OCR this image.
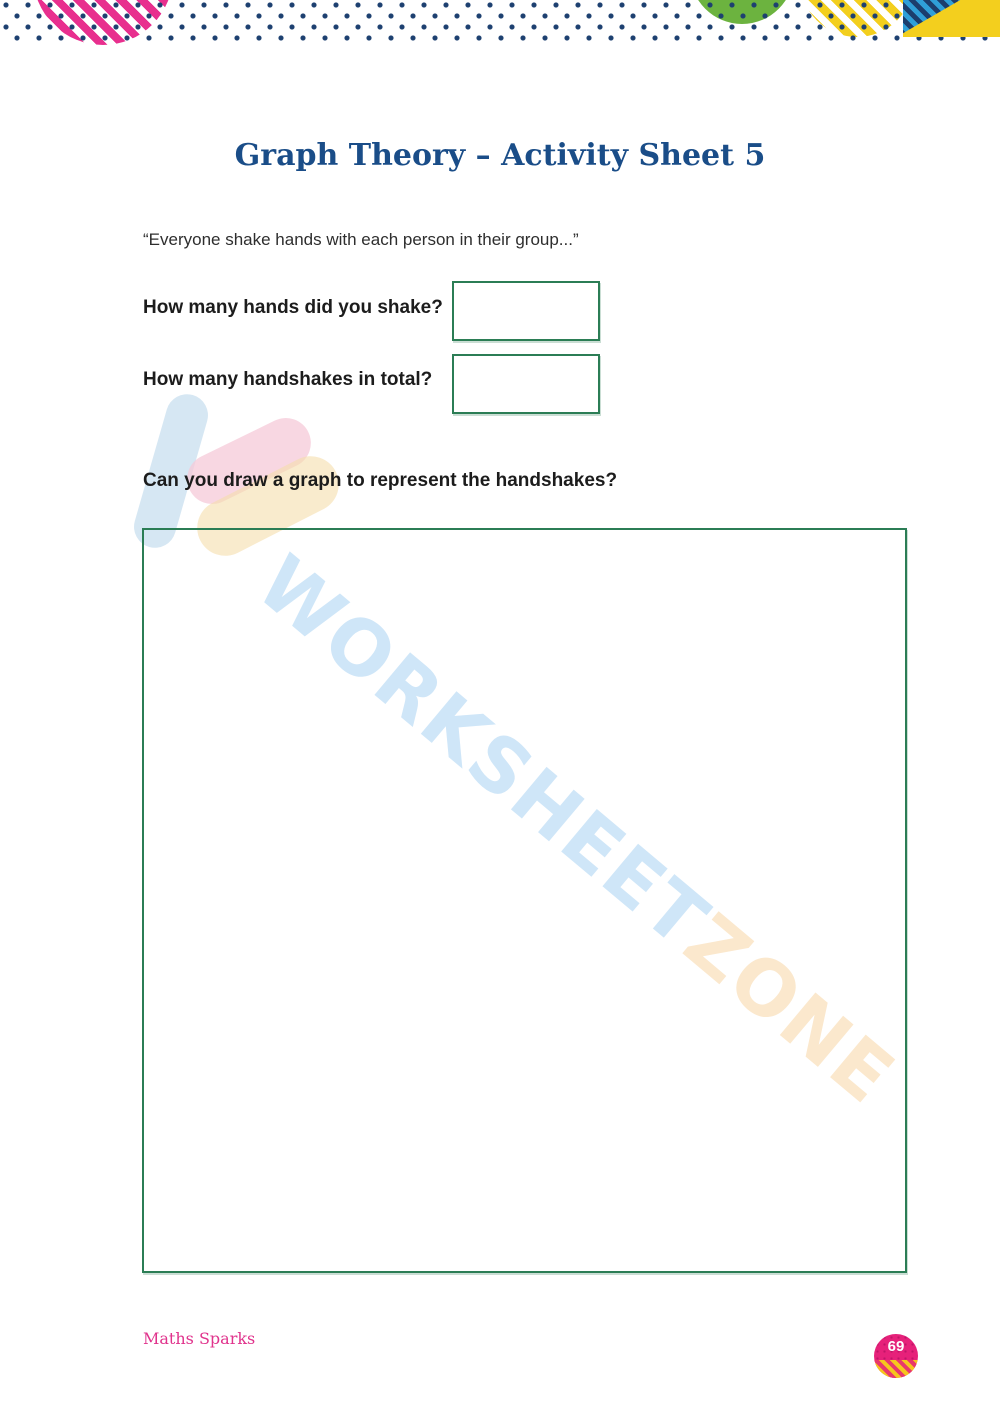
Graph Theory – Activity Sheet 5
“Everyone shake hands with each person in their group...”
How many hands did you shake?
How many handshakes in total?
Can you draw a graph to represent the handshakes?
WORKSHEETZONE
Maths Sparks	69
